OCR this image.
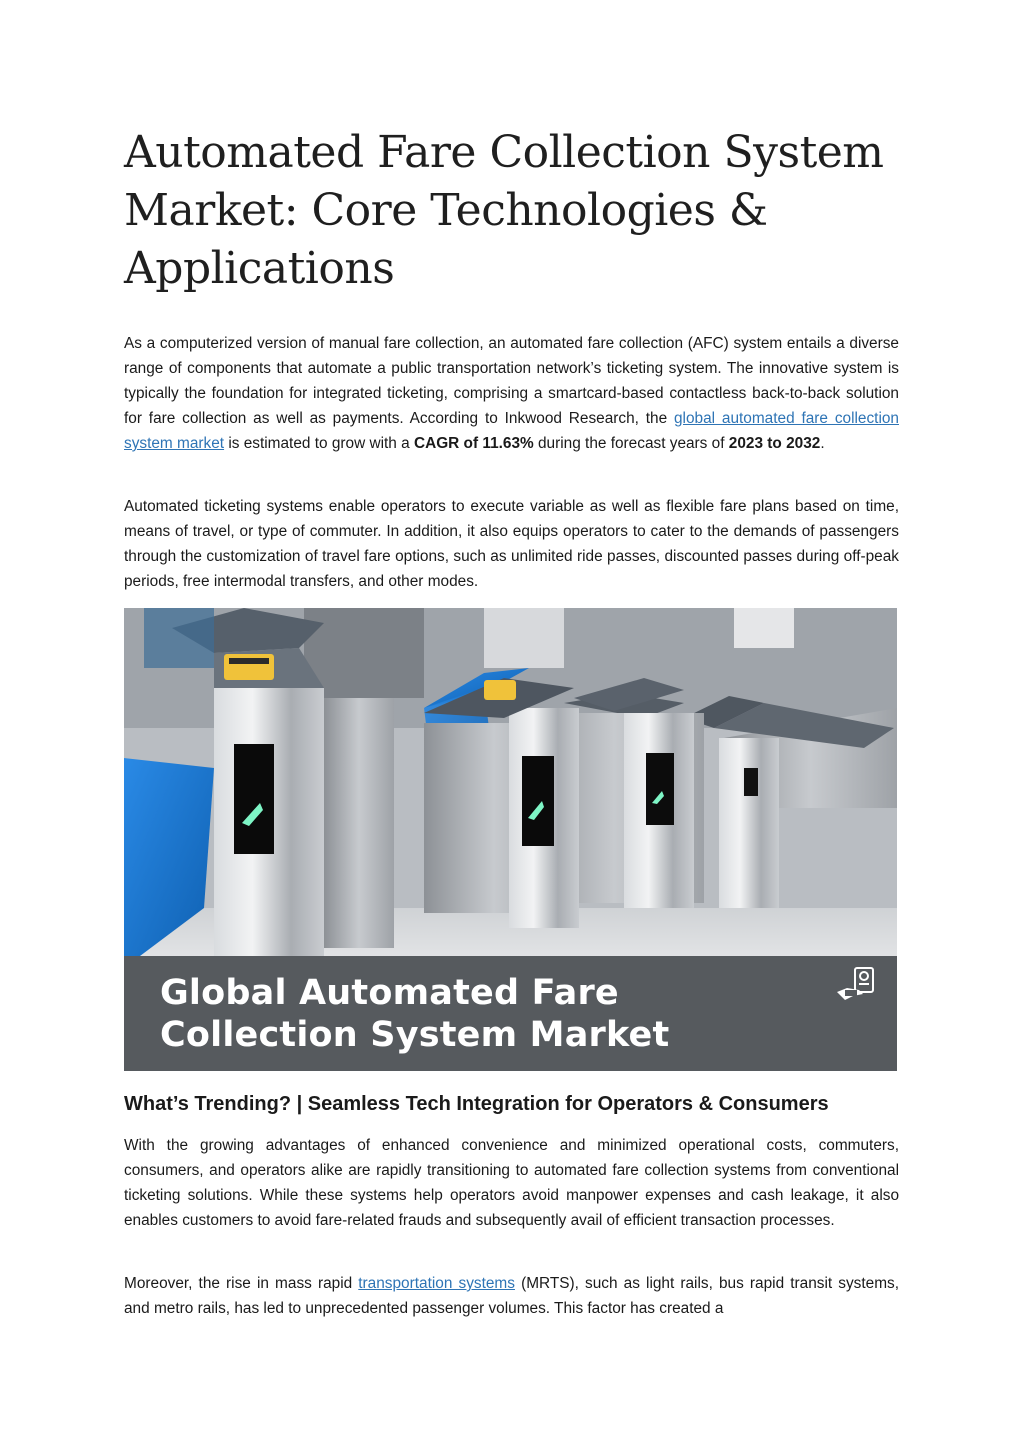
Automated Fare Collection System Market: Core Technologies & Applications

As a computerized version of manual fare collection, an automated fare collection (AFC) system entails a diverse range of components that automate a public transportation network’s ticketing system. The innovative system is typically the foundation for integrated ticketing, comprising a smartcard-based contactless back-to-back solution for fare collection as well as payments. According to Inkwood Research, the global automated fare collection system market is estimated to grow with a CAGR of 11.63% during the forecast years of 2023 to 2032.

Automated ticketing systems enable operators to execute variable as well as flexible fare plans based on time, means of travel, or type of commuter. In addition, it also equips operators to cater to the demands of passengers through the customization of travel fare options, such as unlimited ride passes, discounted passes during off-peak periods, free intermodal transfers, and other modes.

Global Automated Fare
Collection System Market
What’s Trending? | Seamless Tech Integration for Operators & Consumers

With the growing advantages of enhanced convenience and minimized operational costs, commuters, consumers, and operators alike are rapidly transitioning to automated fare collection systems from conventional ticketing solutions. While these systems help operators avoid manpower expenses and cash leakage, it also enables customers to avoid fare-related frauds and subsequently avail of efficient transaction processes.

Moreover, the rise in mass rapid transportation systems (MRTS), such as light rails, bus rapid transit systems, and metro rails, has led to unprecedented passenger volumes. This factor has created a
